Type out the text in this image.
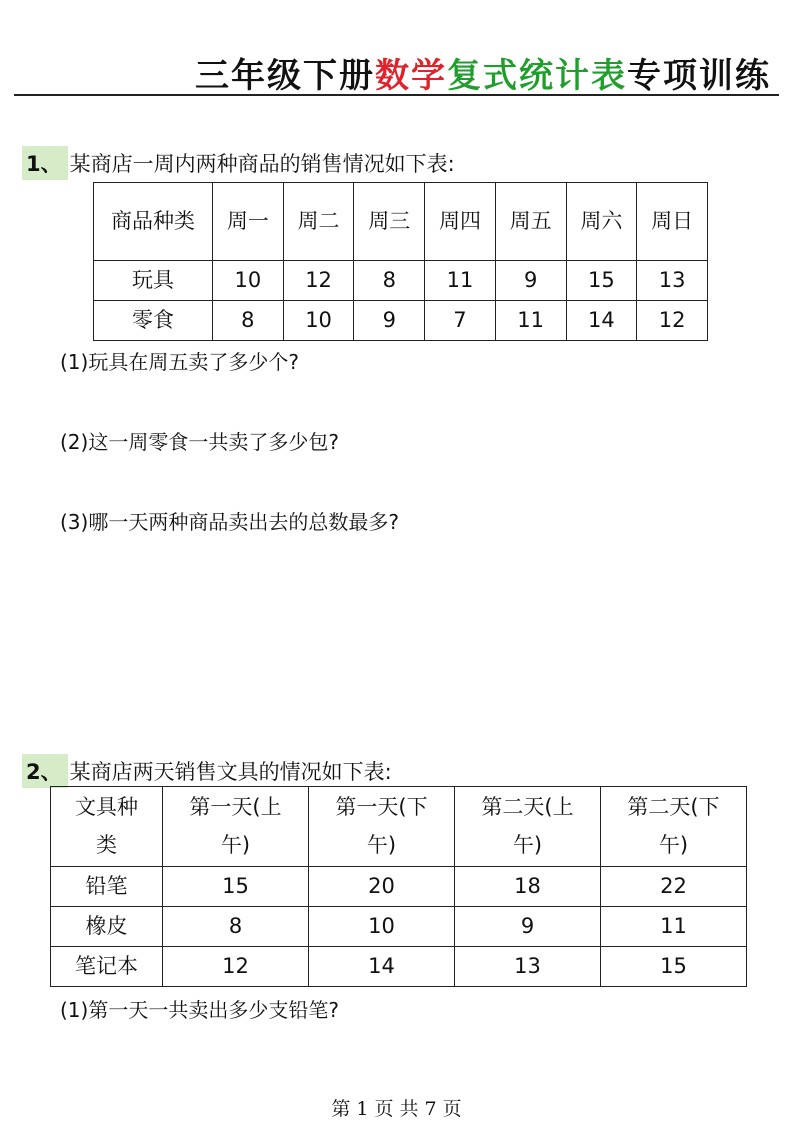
三年级下册数学复式统计表专项训练
1、 某商店一周内两种商品的销售情况如下表:
商品种类	周一	周二	周三	周四	周五	周六	周日
玩具	10	12	8	11	9	15	13
零食	8	10	9	7	11	14	12
(1)玩具在周五卖了多少个?
(2)这一周零食一共卖了多少包?
(3)哪一天两种商品卖出去的总数最多?
2、 某商店两天销售文具的情况如下表:
文具种类	第一天(上午)	第一天(下午)	第二天(上午)	第二天(下午)
铅笔	15	20	18	22
橡皮	8	10	9	11
笔记本	12	14	13	15
(1)第一天一共卖出多少支铅笔?
第 1 页 共 7 页
